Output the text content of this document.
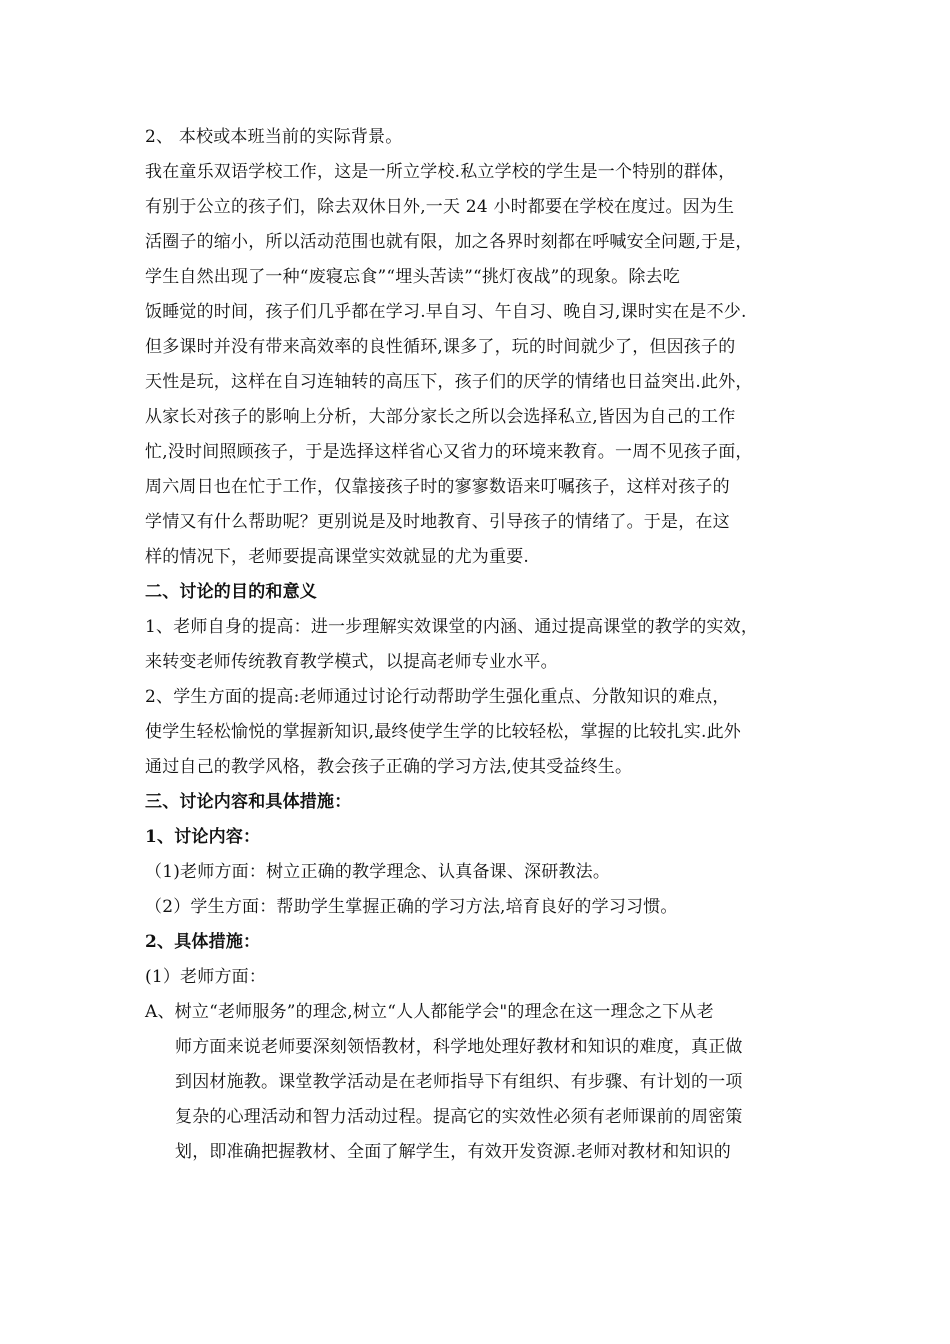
2、 本校或本班当前的实际背景。
我在童乐双语学校工作，这是一所立学校.私立学校的学生是一个特别的群体，
有别于公立的孩子们，除去双休日外,一天 24 小时都要在学校在度过。因为生
活圈子的缩小，所以活动范围也就有限，加之各界时刻都在呼喊安全问题,于是，
学生自然出现了一种“废寝忘食”“埋头苦读”“挑灯夜战”的现象。除去吃
饭睡觉的时间，孩子们几乎都在学习.早自习、午自习、晚自习,课时实在是不少.
但多课时并没有带来高效率的良性循环,课多了，玩的时间就少了，但因孩子的
天性是玩，这样在自习连轴转的高压下，孩子们的厌学的情绪也日益突出.此外，
从家长对孩子的影响上分析，大部分家长之所以会选择私立,皆因为自己的工作
忙,没时间照顾孩子，于是选择这样省心又省力的环境来教育。一周不见孩子面，
周六周日也在忙于工作，仅靠接孩子时的寥寥数语来叮嘱孩子，这样对孩子的
学情又有什么帮助呢？更别说是及时地教育、引导孩子的情绪了。于是，在这
样的情况下，老师要提高课堂实效就显的尤为重要.
二、讨论的目的和意义
1、老师自身的提高：进一步理解实效课堂的内涵、通过提高课堂的教学的实效，
来转变老师传统教育教学模式，以提高老师专业水平。
2、学生方面的提高:老师通过讨论行动帮助学生强化重点、分散知识的难点，
使学生轻松愉悦的掌握新知识,最终使学生学的比较轻松，掌握的比较扎实.此外
通过自己的教学风格，教会孩子正确的学习方法,使其受益终生。
三、讨论内容和具体措施：
1、讨论内容：
（1)老师方面：树立正确的教学理念、认真备课、深研教法。
（2）学生方面：帮助学生掌握正确的学习方法,培育良好的学习习惯。
2、具体措施：
(1）老师方面：
A、树立“老师服务”的理念,树立“人人都能学会"的理念在这一理念之下从老
师方面来说老师要深刻领悟教材，科学地处理好教材和知识的难度，真正做
到因材施教。课堂教学活动是在老师指导下有组织、有步骤、有计划的一项
复杂的心理活动和智力活动过程。提高它的实效性必须有老师课前的周密策
划，即准确把握教材、全面了解学生，有效开发资源.老师对教材和知识的
